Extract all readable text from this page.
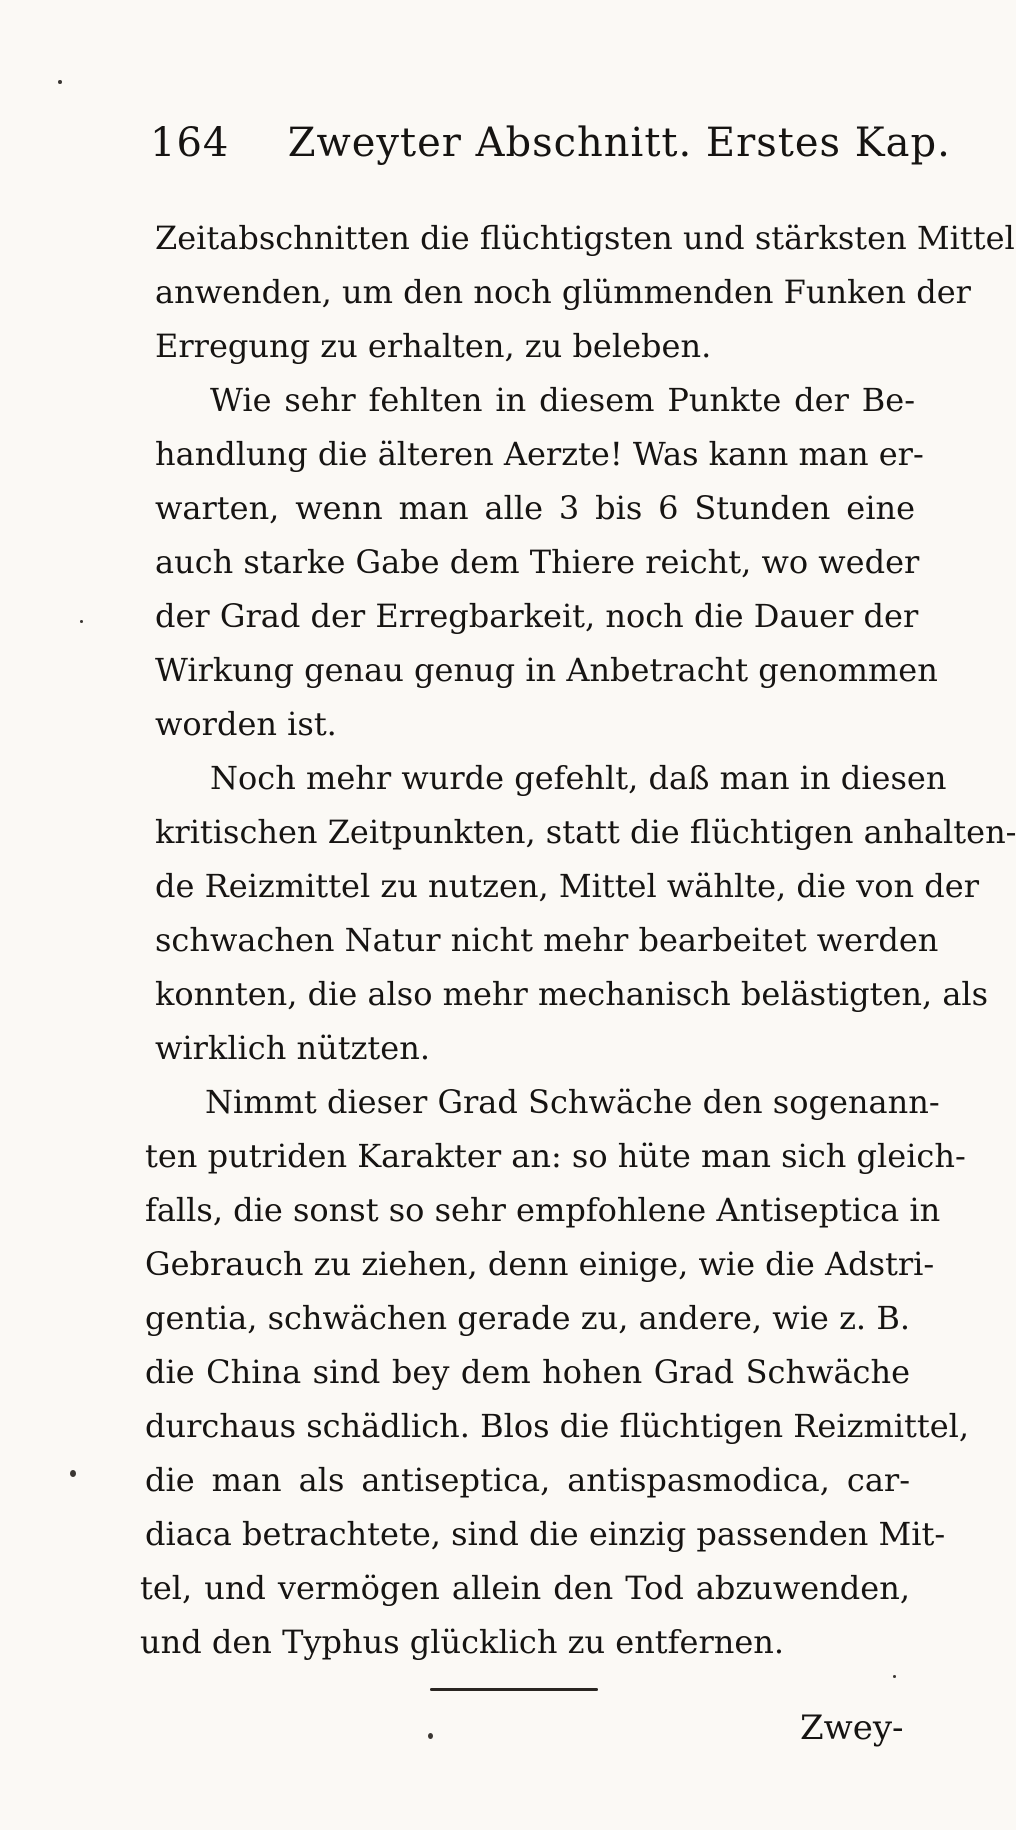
164 Zweyter Abschnitt. Erstes Kap.
Zeitabschnitten die flüchtigsten und stärksten Mittel
anwenden, um den noch glümmenden Funken der
Erregung zu erhalten, zu beleben.
Wie sehr fehlten in diesem Punkte der Be-
handlung die älteren Aerzte! Was kann man er-
warten, wenn man alle 3 bis 6 Stunden eine
auch starke Gabe dem Thiere reicht, wo weder
der Grad der Erregbarkeit, noch die Dauer der
Wirkung genau genug in Anbetracht genommen
worden ist.
Noch mehr wurde gefehlt, daß man in diesen
kritischen Zeitpunkten, statt die flüchtigen anhalten-
de Reizmittel zu nutzen, Mittel wählte, die von der
schwachen Natur nicht mehr bearbeitet werden
konnten, die also mehr mechanisch belästigten, als
wirklich nützten.
Nimmt dieser Grad Schwäche den sogenann-
ten putriden Karakter an: so hüte man sich gleich-
falls, die sonst so sehr empfohlene Antiseptica in
Gebrauch zu ziehen, denn einige, wie die Adstri-
gentia, schwächen gerade zu, andere, wie z. B.
die China sind bey dem hohen Grad Schwäche
durchaus schädlich. Blos die flüchtigen Reizmittel,
die man als antiseptica, antispasmodica, car-
diaca betrachtete, sind die einzig passenden Mit-
tel, und vermögen allein den Tod abzuwenden,
und den Typhus glücklich zu entfernen.
Zwey-
